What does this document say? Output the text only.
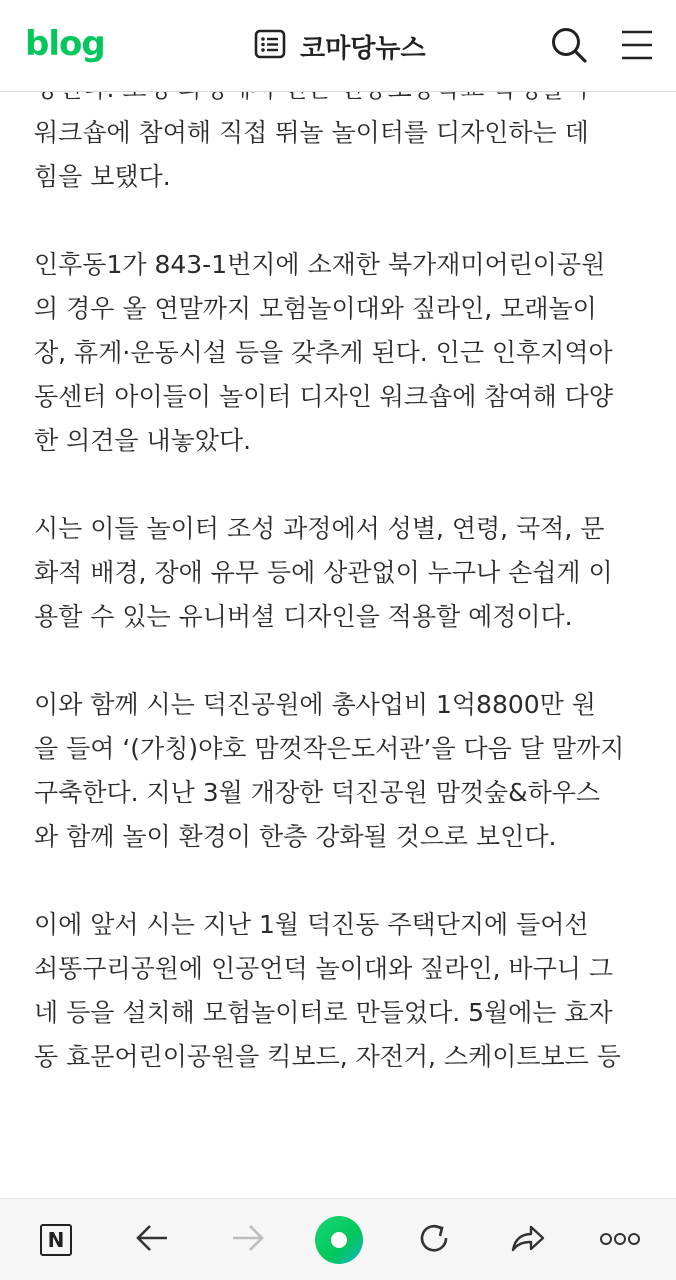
blog	코마당뉴스

워크숍에 참여해 직접 뛰놀 놀이터를 디자인하는 데
힘을 보탰다.

인후동1가 843-1번지에 소재한 북가재미어린이공원
의 경우 올 연말까지 모험놀이대와 짚라인, 모래놀이
장, 휴게·운동시설 등을 갖추게 된다. 인근 인후지역아
동센터 아이들이 놀이터 디자인 워크숍에 참여해 다양
한 의견을 내놓았다.

시는 이들 놀이터 조성 과정에서 성별, 연령, 국적, 문
화적 배경, 장애 유무 등에 상관없이 누구나 손쉽게 이
용할 수 있는 유니버셜 디자인을 적용할 예정이다.

이와 함께 시는 덕진공원에 총사업비 1억8800만 원
을 들여 ‘(가칭)야호 맘껏작은도서관’을 다음 달 말까지
구축한다. 지난 3월 개장한 덕진공원 맘껏숲&하우스
와 함께 놀이 환경이 한층 강화될 것으로 보인다.

이에 앞서 시는 지난 1월 덕진동 주택단지에 들어선
쇠똥구리공원에 인공언덕 놀이대와 짚라인, 바구니 그
네 등을 설치해 모험놀이터로 만들었다. 5월에는 효자
동 효문어린이공원을 킥보드, 자전거, 스케이트보드 등

N
